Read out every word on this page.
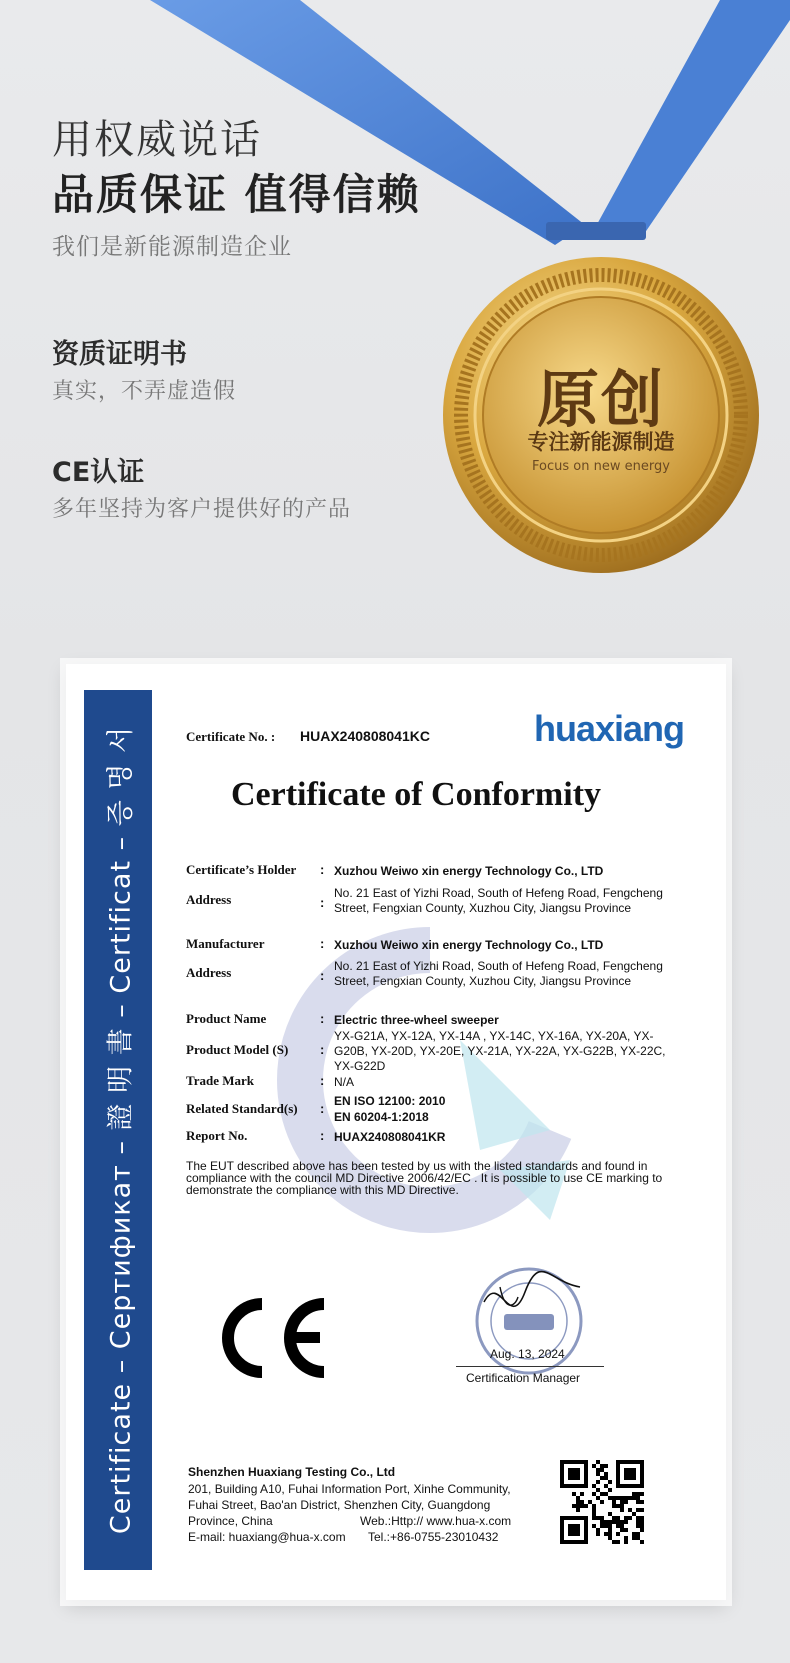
用权威说话
品质保证 值得信赖
我们是新能源制造企业
资质证明书
真实，不弄虚造假
CE认证
多年坚持为客户提供好的产品
原创
专注新能源制造
Focus on new energy
Certificate – Сертификат – 證 明 書 – Certificat – 증 명 서	Certificate No. : HUAX240808041KC	huaxiang
Certificate of Conformity
Certificate’s Holder : Xuzhou Weiwo xin energy Technology Co., LTD
Address	:
No. 21 East of Yizhi Road, South of Hefeng Road, Fengcheng Street, Fengxian County, Xuzhou City, Jiangsu Province
Manufacturer	: Xuzhou Weiwo xin energy Technology Co., LTD
Address	:
No. 21 East of Yizhi Road, South of Hefeng Road, Fengcheng Street, Fengxian County, Xuzhou City, Jiangsu Province
Product Name	: Electric three-wheel sweeper
Product Model (S) :
YX-G21A, YX-12A, YX-14A , YX-14C, YX-16A, YX-20A, YX-G20B, YX-20D, YX-20E, YX-21A, YX-22A, YX-G22B, YX-22C, YX-G22D
Trade Mark	: N/A
Related Standard(s) : EN ISO 12100: 2010
EN 60204-1:2018
Report No.	: HUAX240808041KR
The EUT described above has been tested by us with the listed standards and found in compliance with the council MD Directive 2006/42/EC . It is possible to use CE marking to demonstrate the compliance with this MD Directive.
Aug. 13, 2024
Certification Manager
Shenzhen Huaxiang Testing Co., Ltd
201, Building A10, Fuhai Information Port, Xinhe Community,
Fuhai Street, Bao'an District, Shenzhen City, Guangdong
Province, China	Web.:Http:// www.hua-x.com
E-mail: huaxiang@hua-x.com Tel.:+86-0755-23010432
